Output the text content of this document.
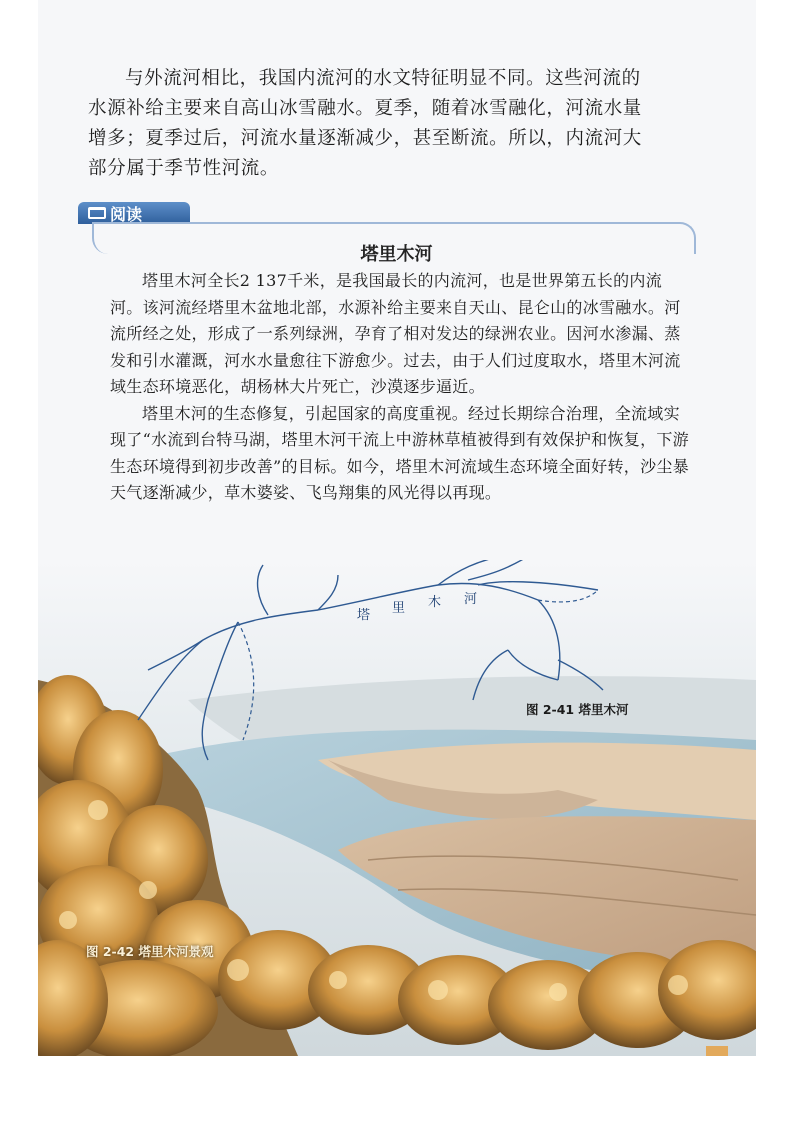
与外流河相比，我国内流河的水文特征明显不同。这些河流的水源补给主要来自高山冰雪融水。夏季，随着冰雪融化，河流水量增多；夏季过后，河流水量逐渐减少，甚至断流。所以，内流河大部分属于季节性河流。

阅读
塔里木河

塔里木河全长2 137千米，是我国最长的内流河，也是世界第五长的内流河。该河流经塔里木盆地北部，水源补给主要来自天山、昆仑山的冰雪融水。河流所经之处，形成了一系列绿洲，孕育了相对发达的绿洲农业。因河水渗漏、蒸发和引水灌溉，河水水量愈往下游愈少。过去，由于人们过度取水，塔里木河流域生态环境恶化，胡杨林大片死亡，沙漠逐步逼近。

塔里木河的生态修复，引起国家的高度重视。经过长期综合治理，全流域实现了“水流到台特马湖，塔里木河干流上中游林草植被得到有效保护和恢复，下游生态环境得到初步改善”的目标。如今，塔里木河流域生态环境全面好转，沙尘暴天气逐渐减少，草木婆娑、飞鸟翔集的风光得以再现。

塔 里 木 河
图 2-41 塔里木河
图 2-42 塔里木河景观
